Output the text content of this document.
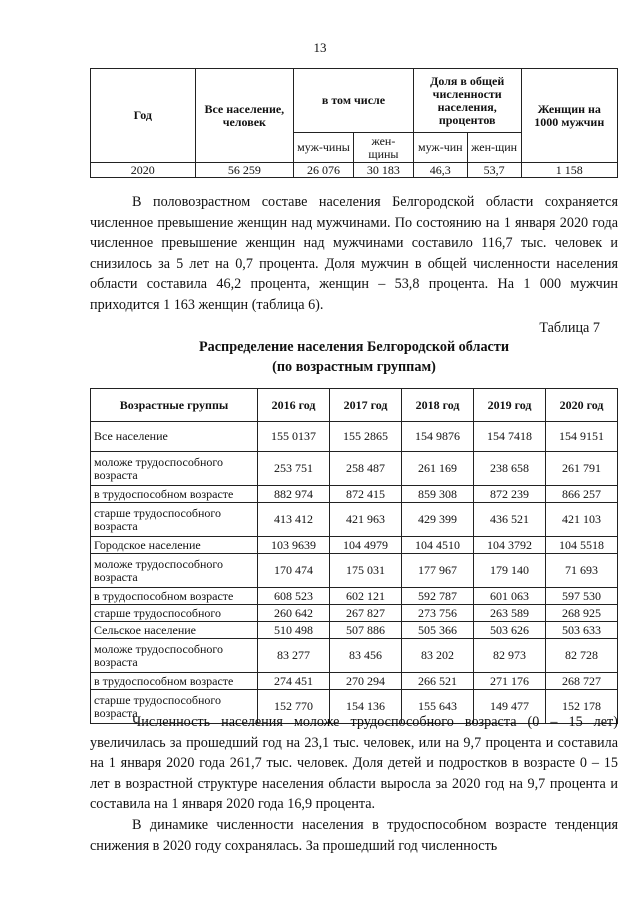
13
Год	Все население, человек	в том числе		Доля в общей численности населения, процентов		Женщин на 1000 мужчин
		муж-чины	жен-щины	муж-чин	жен-щин	
2020	56 259	26 076	30 183	46,3	53,7	1 158

В половозрастном составе населения Белгородской области сохраняется численное превышение женщин над мужчинами. По состоянию на 1 января 2020 года численное превышение женщин над мужчинами составило 116,7 тыс. человек и снизилось за 5 лет на 0,7 процента. Доля мужчин в общей численности населения области составила 46,2 процента, женщин – 53,8 процента. На 1 000 мужчин приходится 1 163 женщин (таблица 6).

Таблица 7
Распределение населения Белгородской области
(по возрастным группам)
Возрастные группы	2016 год	2017 год	2018 год	2019 год	2020 год
Все население	155 0137	155 2865	154 9876	154 7418	154 9151
моложе трудоспособного возраста	253 751	258 487	261 169	238 658	261 791
в трудоспособном возрасте	882 974	872 415	859 308	872 239	866 257
старше трудоспособного возраста	413 412	421 963	429 399	436 521	421 103
Городское население	103 9639	104 4979	104 4510	104 3792	104 5518
моложе трудоспособного возраста	170 474	175 031	177 967	179 140	71 693
в трудоспособном возрасте	608 523	602 121	592 787	601 063	597 530
старше трудоспособного	260 642	267 827	273 756	263 589	268 925
Сельское население	510 498	507 886	505 366	503 626	503 633
моложе трудоспособного возраста	83 277	83 456	83 202	82 973	82 728
в трудоспособном возрасте	274 451	270 294	266 521	271 176	268 727
старше трудоспособного возраста	152 770	154 136	155 643	149 477	152 178

Численность населения моложе трудоспособного возраста (0 – 15 лет) увеличилась за прошедший год на 23,1 тыс. человек, или на 9,7 процента и составила на 1 января 2020 года 261,7 тыс. человек. Доля детей и подростков в возрасте 0 – 15 лет в возрастной структуре населения области выросла за 2020 год на 9,7 процента и составила на 1 января 2020 года 16,9 процента.

В динамике численности населения в трудоспособном возрасте тенденция снижения в 2020 году сохранялась. За прошедший год численность
